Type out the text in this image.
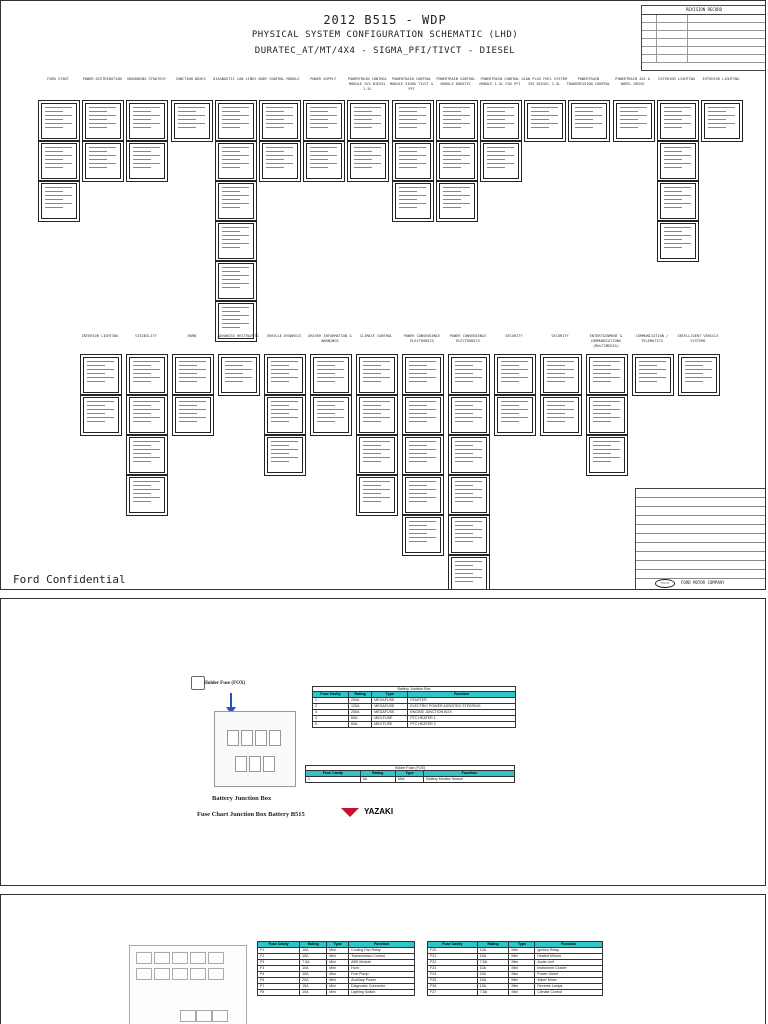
2012 B515 - WDP
PHYSICAL SYSTEM CONFIGURATION SCHEMATIC (LHD)
DURATEC_AT/MT/4X4 - SIGMA_PFI/TIVCT - DIESEL
REVISION RECORD
FORD START	POWER DISTRIBUTION	GROUNDING STRATEGY	JUNCTION BOXES	DIAGNOSTIC CAN LINES BODY CONTROL MODULE	POWER SUPPLY	POWERTRAIN CONTROL MODULE 2V5 DIESEL 1.5L
POWERTRAIN CONTROL MODULE SIGMA TIVCT & PFI
POWERTRAIN CONTROL MODULE DURATEC
POWERTRAIN CONTROL MODULE 1.5L FOX PFI
GLOW PLUG FUEL SYSTEM 2V5 DIESEL 1.5L
POWERTRAIN TRANSMISSION CONTROL
POWERTRAIN 4X4 & WHEEL DRIVE
EXTERIOR LIGHTING	EXTERIOR LIGHTING
INTERIOR LIGHTING	VISIBILITY	HORN	ADVANCED RESTRAINTS	VEHICLE DYNAMICS	DRIVER INFORMATION & WARNINGS
CLIMATE CONTROL	POWER CONVENIENCE ELECTRONICS
POWER CONVENIENCE ELECTRONICS
SECURITY	SECURITY	ENTERTAINMENT & COMMUNICATIONS (MULTIMEDIA)
COMMUNICATION / TELEMATICS
INTELLIGENT VEHICLE SYSTEMS
Ford	FORD MOTOR COMPANY
Ford Confidential
Holder Fuse (FOX)
Battery Junction Box
Fuse Cavity	Rating	Type	Function
1	250A	MEGAFUSE	STARTER
2	125A	MEGAFUSE	ELECTRIC POWER ASSISTED STEERING
3	250A	MEGAFUSE	ENGINE JUNCTION BOX
4	60A	MIDI FUSE	PTC HEATER 1
5	60A	MIDI FUSE	PTC HEATER 2
Holder Fuse (FOX)
Fuse Cavity	Rating	Type	Function
1	5A	Mini	Battery Monitor Sensor
Battery Junction Box
Fuse Chart Junction Box Battery B515	YAZAKI
Fuse Cavity	Rating	Type	Function
F1	10A	Mini	Cooling Fan Relay
F2	15A	Mini	Transmission Control
F3	7.5A	Mini	ABS Module
F4	10A	Mini	Horn
F5	15A	Mini	Fuel Pump
F6	20A	Mini	Auxiliary Power
F7	15A	Mini	Diagnostic Connector
F8	10A	Mini	Lighting Switch
Fuse Cavity	Rating	Type	Function
F20	10A	Mini	Ignition Relay
F21	15A	Mini	Heated Mirrors
F22	7.5A	Mini	Audio Unit
F23	10A	Mini	Instrument Cluster
F24	20A	Mini	Power Outlet
F25	15A	Mini	Wiper Motor
F26	10A	Mini	Reverse Lamps
F27	7.5A	Mini	Climate Control
